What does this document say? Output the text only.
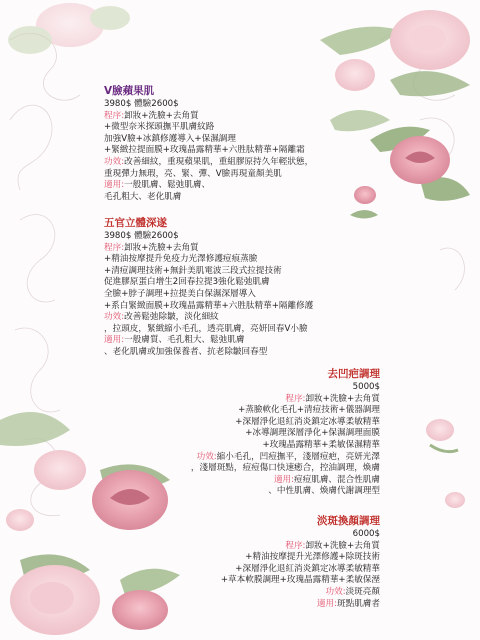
V臉蘋果肌
3980$ 體驗2600$
程序:卸妝+洗臉+去角質
+微型奈米探頭撫平肌膚紋路
加強V臉+冰鎮修護導入+保濕調理
+緊緻拉提面膜+玫瑰晶露精華+六胜肽精華+隔離霜
功效:改善細紋，重現蘋果肌，重組膠原持久年輕狀態，
重現彈力無瑕，亮、緊、彈、V臉再現童顏美肌
適用:一般肌膚、鬆弛肌膚、
毛孔粗大、老化肌膚
五官立體深遂
3980$ 體驗2600$
程序:卸妝+洗臉+去角質
+精油按摩提升免疫力光澤修護痘痕蒸臉
+清痘調理技術+無針美肌電波三段式拉提技術
促進膠原蛋白增生2回春拉提3強化鬆弛肌膚
全臉+脖子調理+拉提美白保濕深層導入
+系白緊緻面膜+玫瑰晶露精華+六胜肽精華+隔離修護
功效:改善鬆弛除皺，淡化細紋
，拉頭皮，緊緻縮小毛孔，透亮肌膚，亮妍回春V小臉
適用:一般膚質、毛孔粗大、鬆弛肌膚
、老化肌膚或加強保養者、抗老除皺回春型
去凹疤調理
5000$
程序:卸妝+洗臉+去角質
+蒸臉軟化毛孔+清痘技術+儀器調理
+深層淨化退紅消炎鎮定冰導柔敏精華
+冰導調理深層淨化+保濕調理面膜
+玫瑰晶露精華+柔敏保濕精華
功效:縮小毛孔，凹痘撫平，淺層痘疤，亮妍光澤
，淺層斑點，痘痘傷口快速癒合，控油調理，煥膚
適用:痘痘肌膚、混合性肌膚
、中性肌膚、煥膚代謝調理型
淡斑換顏調理
6000$
程序:卸妝+洗臉+去角質
+精油按摩提升光澤修護+除斑技術
+深層淨化退紅消炎鎮定冰導柔敏精華
+草本軟膜調理+玫瑰晶露精華+柔敏保溼
功效:淡斑亮顏
適用:斑點肌膚者
